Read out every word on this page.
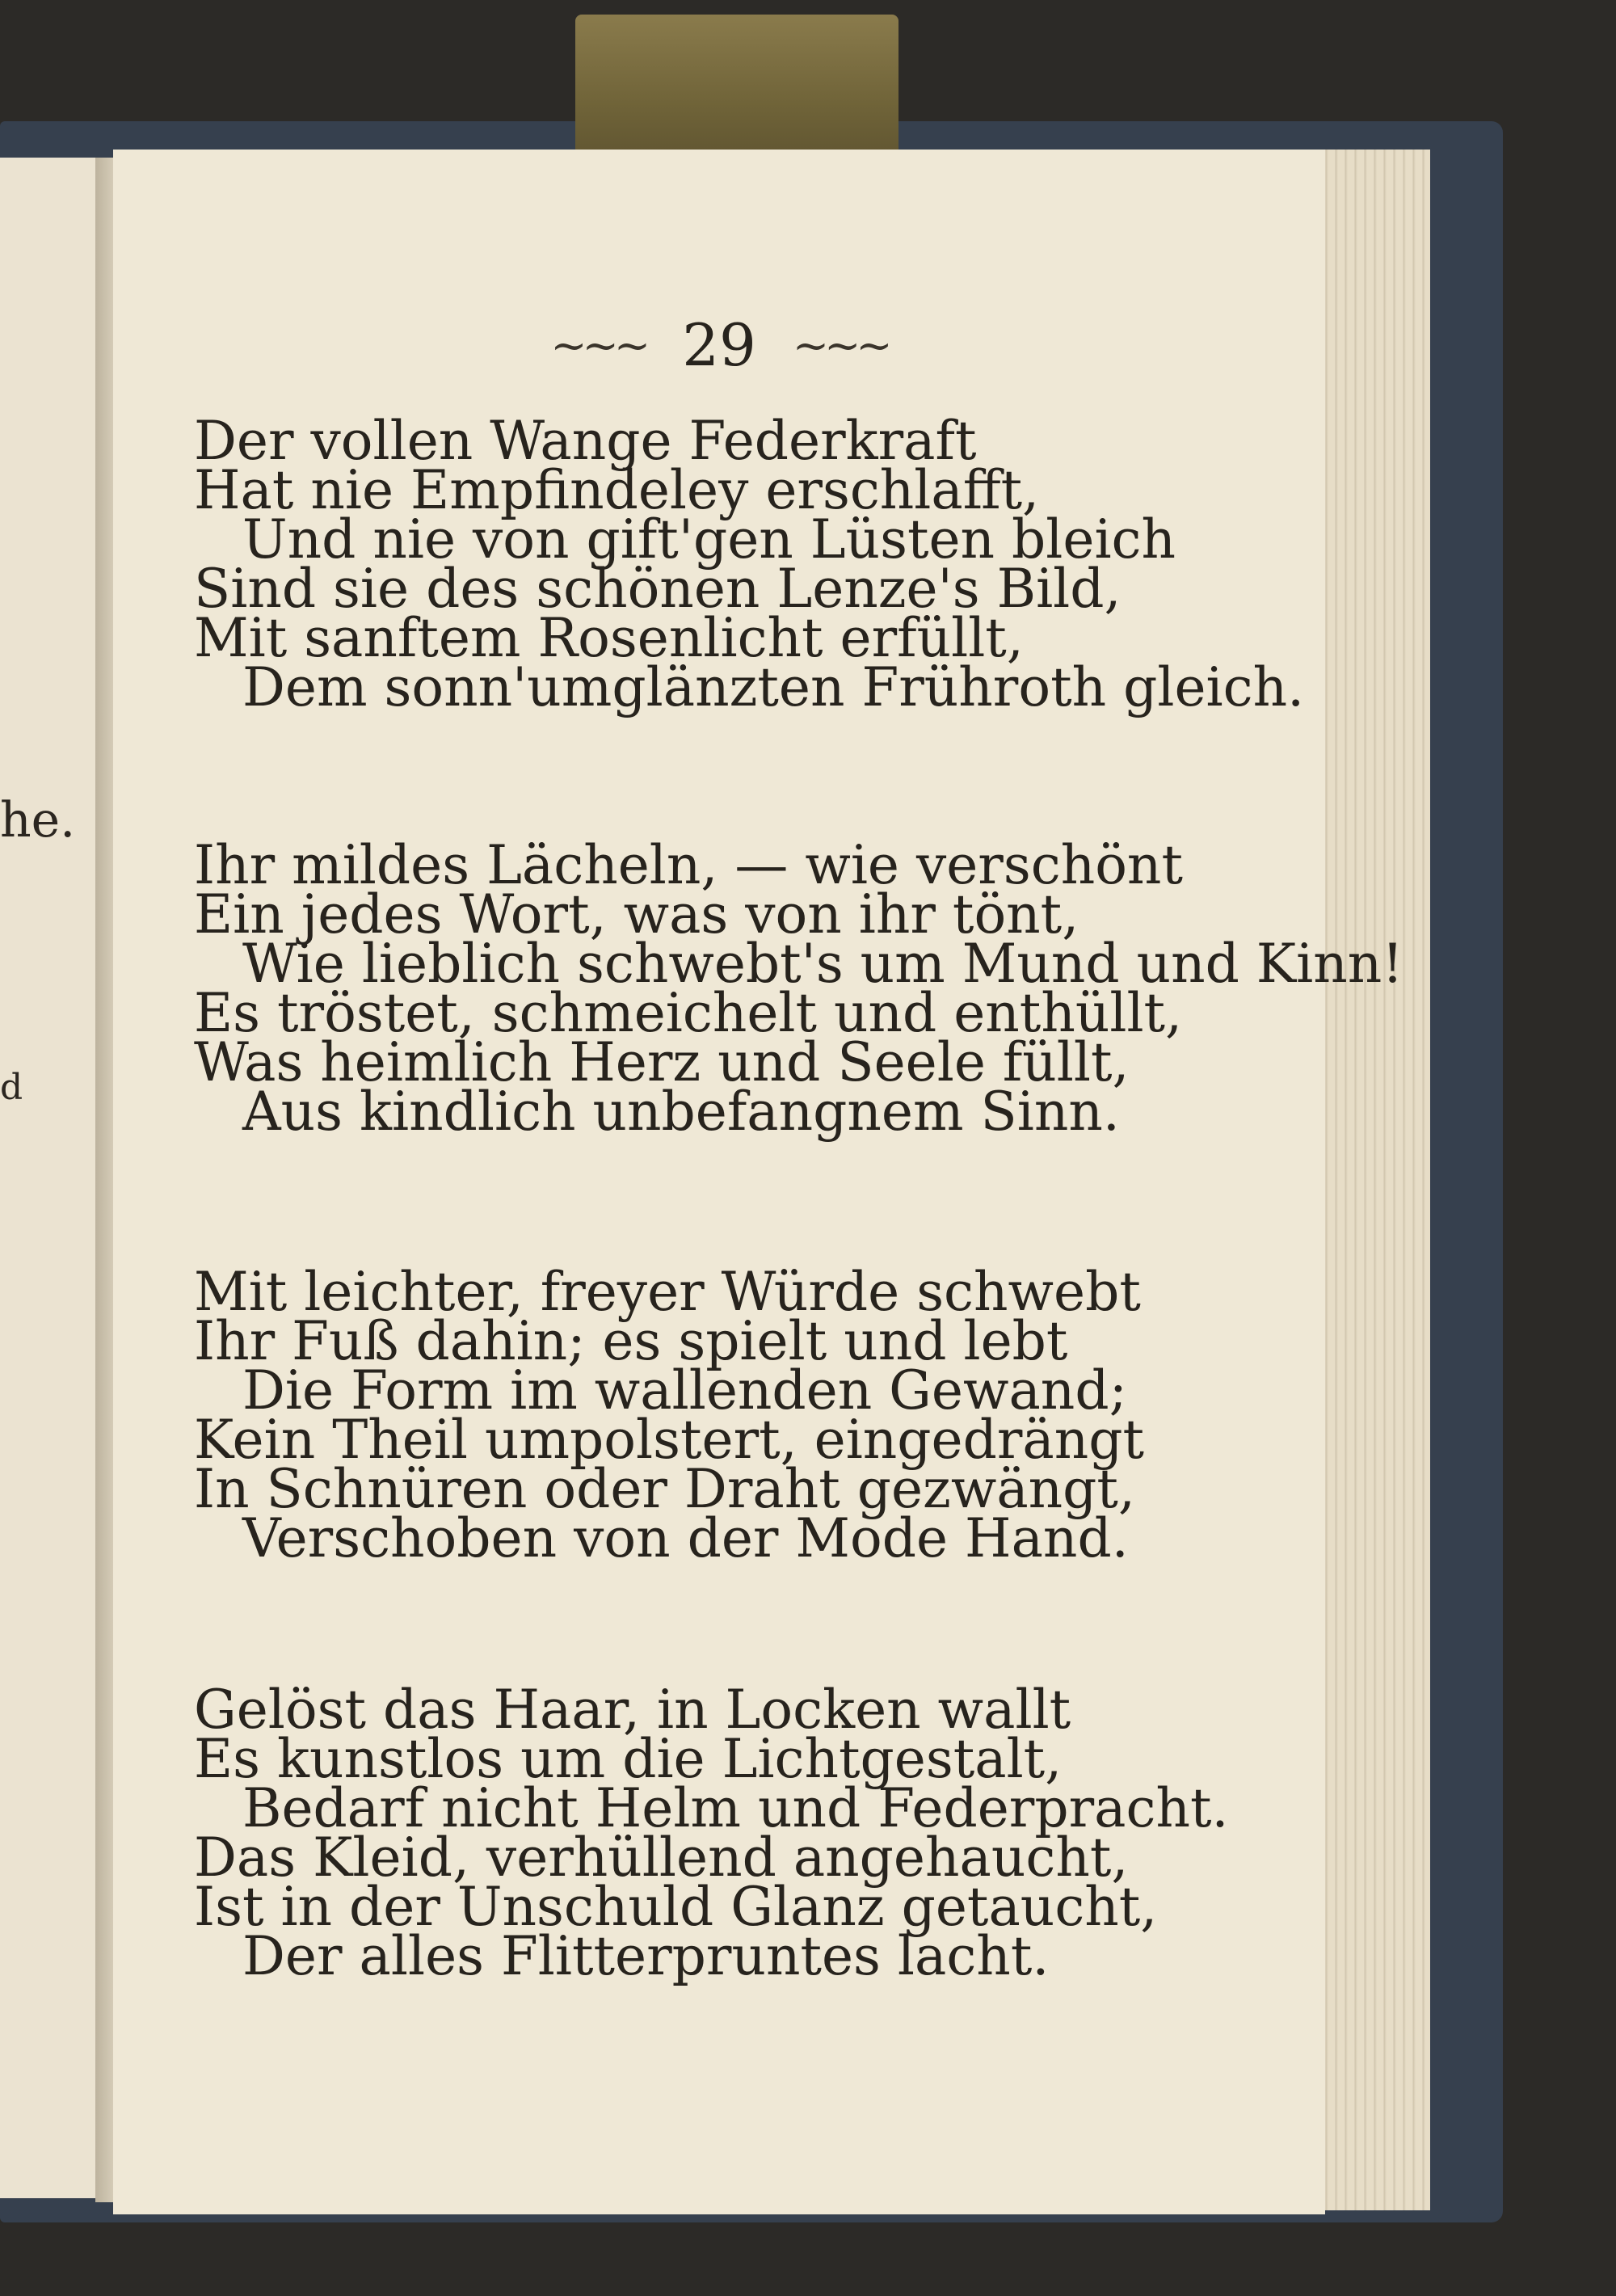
he.
d
~~~ 29 ~~~
Der vollen Wange Federkraft
Hat nie Empfindeley erschlafft,
Und nie von gift'gen Lüsten bleich
Sind sie des schönen Lenze's Bild,
Mit sanftem Rosenlicht erfüllt,
Dem sonn'umglänzten Frühroth gleich.
Ihr mildes Lächeln, — wie verschönt
Ein jedes Wort, was von ihr tönt,
Wie lieblich schwebt's um Mund und Kinn!
Es tröstet, schmeichelt und enthüllt,
Was heimlich Herz und Seele füllt,
Aus kindlich unbefangnem Sinn.
Mit leichter, freyer Würde schwebt
Ihr Fuß dahin; es spielt und lebt
Die Form im wallenden Gewand;
Kein Theil umpolstert, eingedrängt
In Schnüren oder Draht gezwängt,
Verschoben von der Mode Hand.
Gelöst das Haar, in Locken wallt
Es kunstlos um die Lichtgestalt,
Bedarf nicht Helm und Federpracht.
Das Kleid, verhüllend angehaucht,
Ist in der Unschuld Glanz getaucht,
Der alles Flitterpruntes lacht.
